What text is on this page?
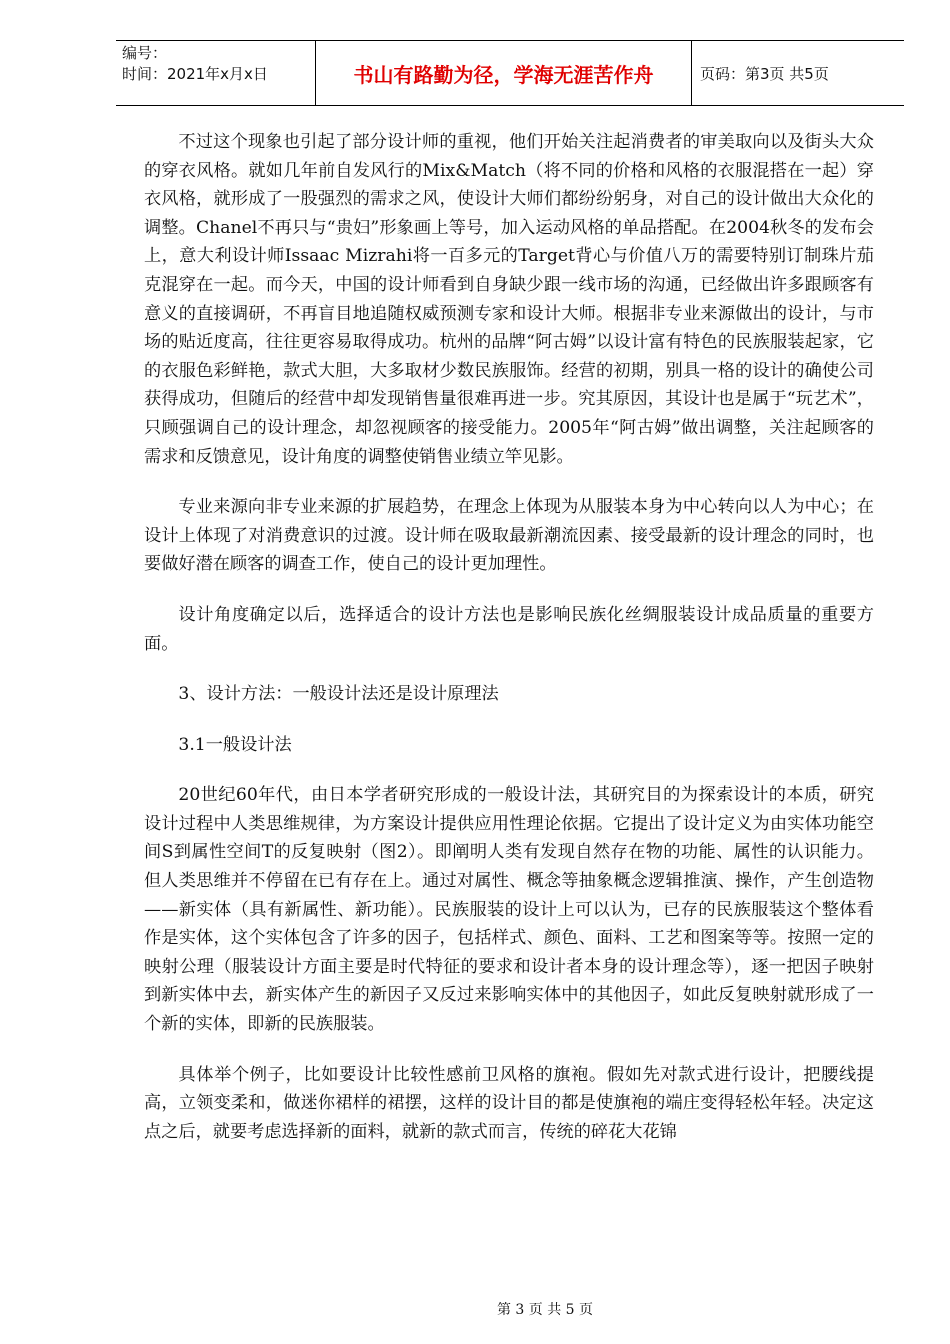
编号：
时间：2021年x月x日	书山有路勤为径，学海无涯苦作舟	页码：第3页 共5页

不过这个现象也引起了部分设计师的重视，他们开始关注起消费者的审美取向以及街头大众的穿衣风格。就如几年前自发风行的Mix&Match（将不同的价格和风格的衣服混搭在一起）穿衣风格，就形成了一股强烈的需求之风，使设计大师们都纷纷躬身，对自己的设计做出大众化的调整。Chanel不再只与“贵妇”形象画上等号，加入运动风格的单品搭配。在2004秋冬的发布会上，意大利设计师Issaac Mizrahi将一百多元的Target背心与价值八万的需要特别订制珠片茄克混穿在一起。而今天，中国的设计师看到自身缺少跟一线市场的沟通，已经做出许多跟顾客有意义的直接调研，不再盲目地追随权威预测专家和设计大师。根据非专业来源做出的设计，与市场的贴近度高，往往更容易取得成功。杭州的品牌“阿古姆”以设计富有特色的民族服装起家，它的衣服色彩鲜艳，款式大胆，大多取材少数民族服饰。经营的初期，别具一格的设计的确使公司获得成功，但随后的经营中却发现销售量很难再进一步。究其原因，其设计也是属于“玩艺术”，只顾强调自己的设计理念，却忽视顾客的接受能力。2005年“阿古姆”做出调整，关注起顾客的需求和反馈意见，设计角度的调整使销售业绩立竿见影。

专业来源向非专业来源的扩展趋势，在理念上体现为从服装本身为中心转向以人为中心；在设计上体现了对消费意识的过渡。设计师在吸取最新潮流因素、接受最新的设计理念的同时，也要做好潜在顾客的调查工作，使自己的设计更加理性。

设计角度确定以后，选择适合的设计方法也是影响民族化丝绸服装设计成品质量的重要方面。

3、设计方法：一般设计法还是设计原理法

3.1一般设计法

20世纪60年代，由日本学者研究形成的一般设计法，其研究目的为探索设计的本质，研究设计过程中人类思维规律，为方案设计提供应用性理论依据。它提出了设计定义为由实体功能空间S到属性空间T的反复映射（图2）。即阐明人类有发现自然存在物的功能、属性的认识能力。但人类思维并不停留在已有存在上。通过对属性、概念等抽象概念逻辑推演、操作，产生创造物——新实体（具有新属性、新功能）。民族服装的设计上可以认为，已存的民族服装这个整体看作是实体，这个实体包含了许多的因子，包括样式、颜色、面料、工艺和图案等等。按照一定的映射公理（服装设计方面主要是时代特征的要求和设计者本身的设计理念等），逐一把因子映射到新实体中去，新实体产生的新因子又反过来影响实体中的其他因子，如此反复映射就形成了一个新的实体，即新的民族服装。

具体举个例子，比如要设计比较性感前卫风格的旗袍。假如先对款式进行设计，把腰线提高，立领变柔和，做迷你裙样的裙摆，这样的设计目的都是使旗袍的端庄变得轻松年轻。决定这点之后，就要考虑选择新的面料，就新的款式而言，传统的碎花大花锦

第 3 页 共 5 页
